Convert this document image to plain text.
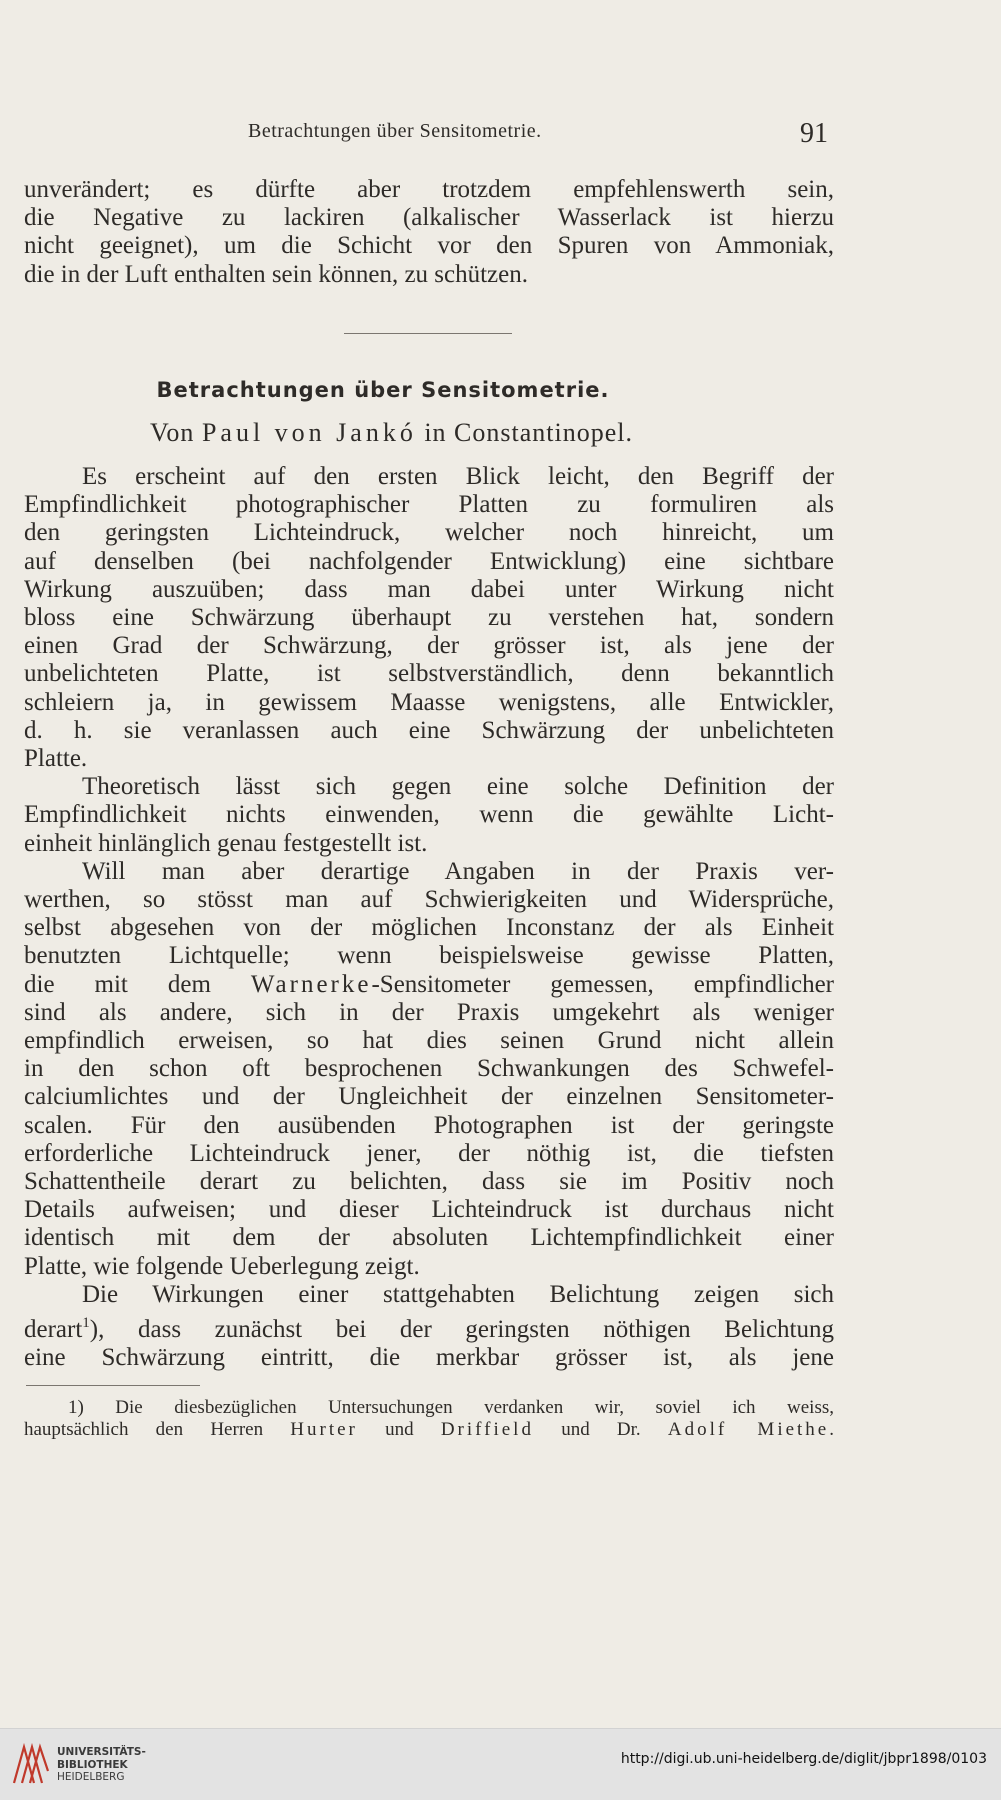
Betrachtungen über Sensitometrie.	91
unverändert; es dürfte aber trotzdem empfehlenswerth sein,
die Negative zu lackiren (alkalischer Wasserlack ist hierzu
nicht geeignet), um die Schicht vor den Spuren von Ammoniak,
die in der Luft enthalten sein können, zu schützen.
Betrachtungen über Sensitometrie.
Von Paul von Jankó in Constantinopel.
Es erscheint auf den ersten Blick leicht, den Begriff der
Empfindlichkeit photographischer Platten zu formuliren als
den geringsten Lichteindruck, welcher noch hinreicht, um
auf denselben (bei nachfolgender Entwicklung) eine sichtbare
Wirkung auszuüben; dass man dabei unter Wirkung nicht
bloss eine Schwärzung überhaupt zu verstehen hat, sondern
einen Grad der Schwärzung, der grösser ist, als jene der
unbelichteten Platte, ist selbstverständlich, denn bekanntlich
schleiern ja, in gewissem Maasse wenigstens, alle Entwickler,
d. h. sie veranlassen auch eine Schwärzung der unbelichteten
Platte.
Theoretisch lässt sich gegen eine solche Definition der
Empfindlichkeit nichts einwenden, wenn die gewählte Licht-
einheit hinlänglich genau festgestellt ist.
Will man aber derartige Angaben in der Praxis ver-
werthen, so stösst man auf Schwierigkeiten und Widersprüche,
selbst abgesehen von der möglichen Inconstanz der als Einheit
benutzten Lichtquelle; wenn beispielsweise gewisse Platten,
die mit dem Warnerke-Sensitometer gemessen, empfindlicher
sind als andere, sich in der Praxis umgekehrt als weniger
empfindlich erweisen, so hat dies seinen Grund nicht allein
in den schon oft besprochenen Schwankungen des Schwefel-
calciumlichtes und der Ungleichheit der einzelnen Sensitometer-
scalen. Für den ausübenden Photographen ist der geringste
erforderliche Lichteindruck jener, der nöthig ist, die tiefsten
Schattentheile derart zu belichten, dass sie im Positiv noch
Details aufweisen; und dieser Lichteindruck ist durchaus nicht
identisch mit dem der absoluten Lichtempfindlichkeit einer
Platte, wie folgende Ueberlegung zeigt.
Die Wirkungen einer stattgehabten Belichtung zeigen sich
derart$^1$), dass zunächst bei der geringsten nöthigen Belichtung
eine Schwärzung eintritt, die merkbar grösser ist, als jene
1) Die diesbezüglichen Untersuchungen verdanken wir, soviel ich weiss,
hauptsächlich den Herren Hurter und Driffield und Dr. Adolf Miethe.
UNIVERSITÄTS-
BIBLIOTHEK
HEIDELBERG
http://digi.ub.uni-heidelberg.de/diglit/jbpr1898/0103
